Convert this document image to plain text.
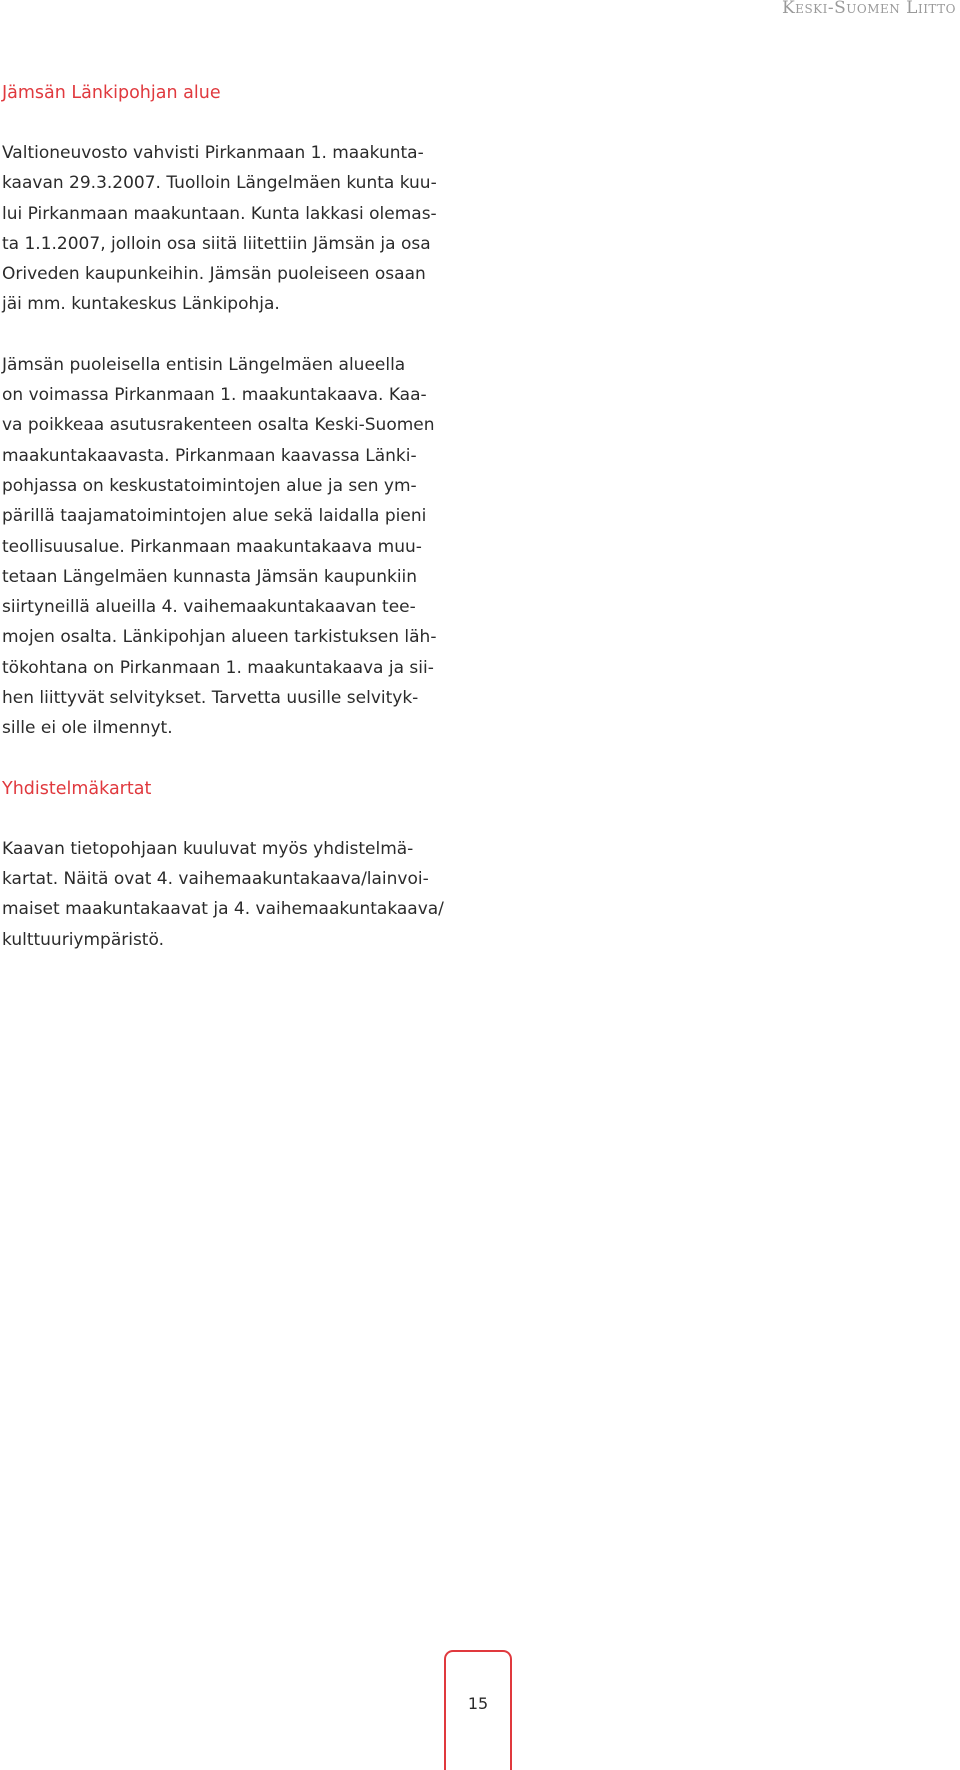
Keski-Suomen Liitto
Jämsän Länkipohjan alue

Valtioneuvosto vahvisti Pirkanmaan 1. maakunta-
kaavan 29.3.2007. Tuolloin Längelmäen kunta kuu-
lui Pirkanmaan maakuntaan. Kunta lakkasi olemas-
ta 1.1.2007, jolloin osa siitä liitettiin Jämsän ja osa
Oriveden kaupunkeihin. Jämsän puoleiseen osaan
jäi mm. kuntakeskus Länkipohja.

Jämsän puoleisella entisin Längelmäen alueella
on voimassa Pirkanmaan 1. maakuntakaava. Kaa-
va poikkeaa asutusrakenteen osalta Keski-Suomen
maakuntakaavasta. Pirkanmaan kaavassa Länki-
pohjassa on keskustatoimintojen alue ja sen ym-
pärillä taajamatoimintojen alue sekä laidalla pieni
teollisuusalue. Pirkanmaan maakuntakaava muu-
tetaan Längelmäen kunnasta Jämsän kaupunkiin
siirtyneillä alueilla 4. vaihemaakuntakaavan tee-
mojen osalta. Länkipohjan alueen tarkistuksen läh-
tökohtana on Pirkanmaan 1. maakuntakaava ja sii-
hen liittyvät selvitykset. Tarvetta uusille selvityk-
sille ei ole ilmennyt.

Yhdistelmäkartat

Kaavan tietopohjaan kuuluvat myös yhdistelmä-
kartat. Näitä ovat 4. vaihemaakuntakaava/lainvoi-
maiset maakuntakaavat ja 4. vaihemaakuntakaava/
kulttuuriympäristö.

15
